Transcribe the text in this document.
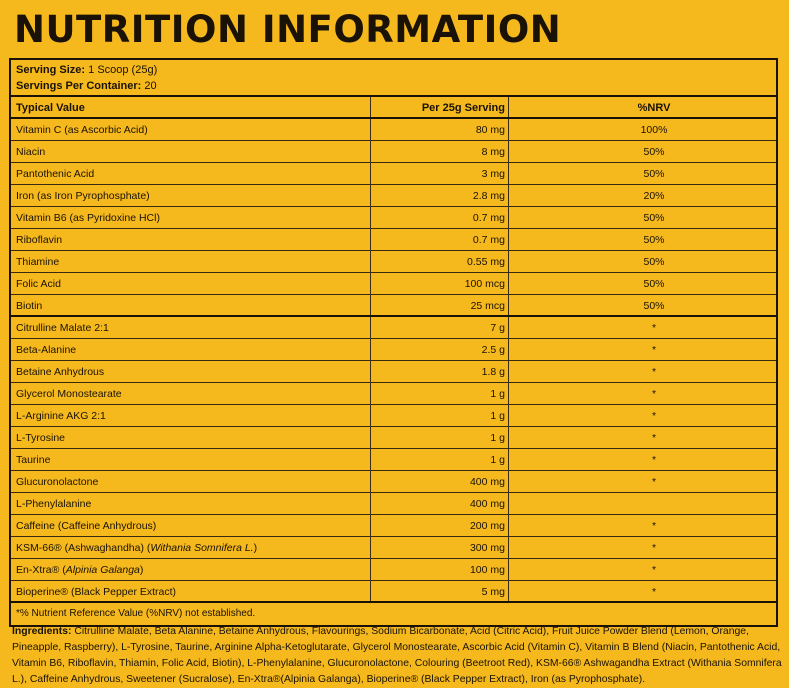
NUTRITION INFORMATION
Serving Size: 1 Scoop (25g)
Servings Per Container: 20
Typical Value	Per 25g Serving	%NRV
Vitamin C (as Ascorbic Acid)	80 mg	100%
Niacin	8 mg	50%
Pantothenic Acid	3 mg	50%
Iron (as Iron Pyrophosphate)	2.8 mg	20%
Vitamin B6 (as Pyridoxine HCl)	0.7 mg	50%
Riboflavin	0.7 mg	50%
Thiamine	0.55 mg	50%
Folic Acid	100 mcg	50%
Biotin	25 mcg	50%
Citrulline Malate 2:1	7 g	*
Beta-Alanine	2.5 g	*
Betaine Anhydrous	1.8 g	*
Glycerol Monostearate	1 g	*
L-Arginine AKG 2:1	1 g	*
L-Tyrosine	1 g	*
Taurine	1 g	*
Glucuronolactone	400 mg	*
L-Phenylalanine	400 mg
Caffeine (Caffeine Anhydrous)	200 mg	*
KSM-66® (Ashwaghandha) (Withania Somnifera L.)	300 mg	*
En-Xtra® (Alpinia Galanga)	100 mg	*
Bioperine® (Black Pepper Extract)	5 mg	*
*% Nutrient Reference Value (%NRV) not established.
Ingredients: Citrulline Malate, Beta Alanine, Betaine Anhydrous, Flavourings, Sodium Bicarbonate, Acid (Citric Acid), Fruit Juice Powder Blend (Lemon, Orange, Pineapple, Raspberry), L-Tyrosine, Taurine, Arginine Alpha-Ketoglutarate, Glycerol Monostearate, Ascorbic Acid (Vitamin C), Vitamin B Blend (Niacin, Pantothenic Acid, Vitamin B6, Riboflavin, Thiamin, Folic Acid, Biotin), L-Phenylalanine, Glucuronolactone, Colouring (Beetroot Red), KSM-66® Ashwagandha Extract (Withania Somnifera L.), Caffeine Anhydrous, Sweetener (Sucralose), En-Xtra®(Alpinia Galanga), Bioperine® (Black Pepper Extract), Iron (as Pyrophosphate).
